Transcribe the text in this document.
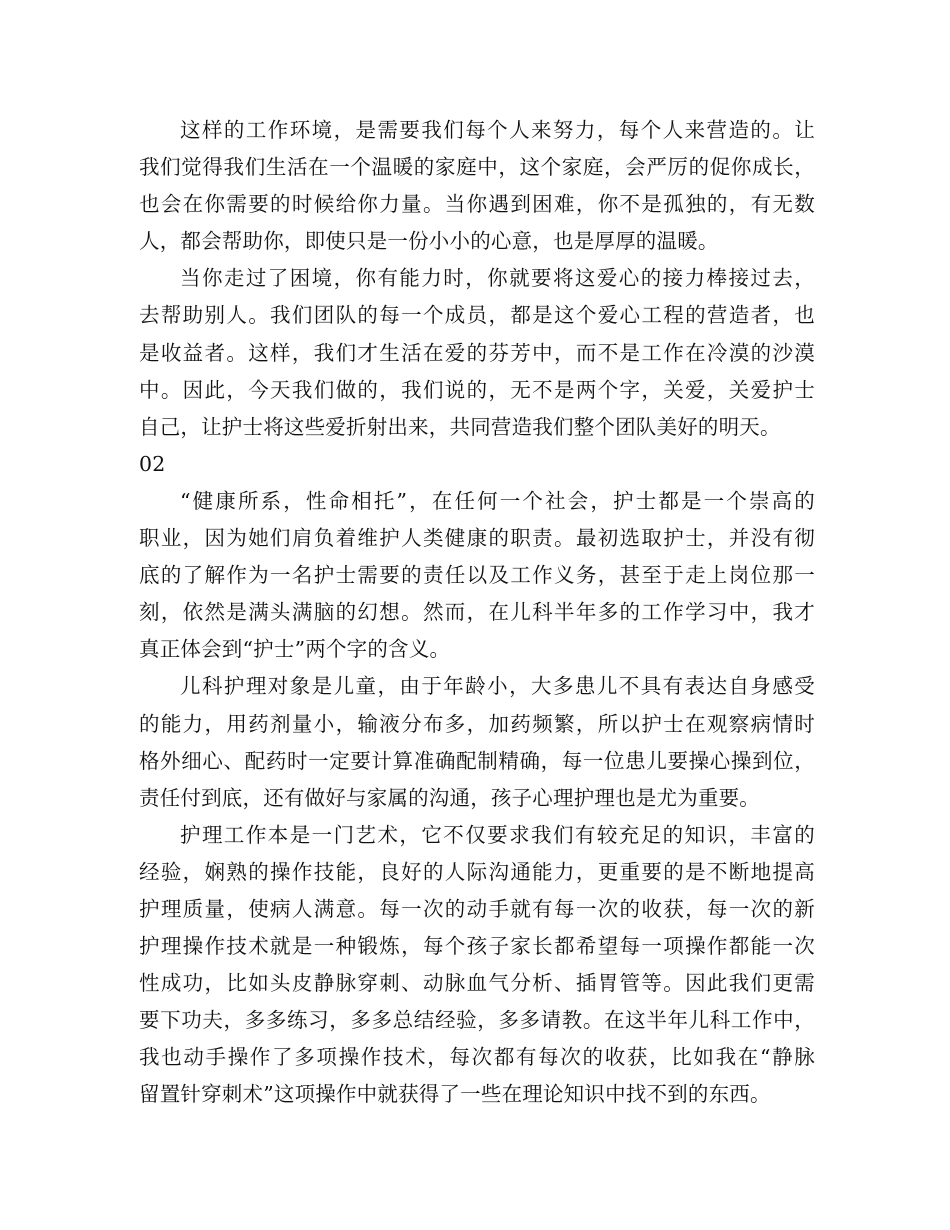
这样的工作环境，是需要我们每个人来努力，每个人来营造的。让
我们觉得我们生活在一个温暖的家庭中，这个家庭，会严厉的促你成长，
也会在你需要的时候给你力量。当你遇到困难，你不是孤独的，有无数
人，都会帮助你，即使只是一份小小的心意，也是厚厚的温暖。
当你走过了困境，你有能力时，你就要将这爱心的接力棒接过去，
去帮助别人。我们团队的每一个成员，都是这个爱心工程的营造者，也
是收益者。这样，我们才生活在爱的芬芳中，而不是工作在冷漠的沙漠
中。因此，今天我们做的，我们说的，无不是两个字，关爱，关爱护士
自己，让护士将这些爱折射出来，共同营造我们整个团队美好的明天。
02
“健康所系，性命相托”，在任何一个社会，护士都是一个崇高的
职业，因为她们肩负着维护人类健康的职责。最初选取护士，并没有彻
底的了解作为一名护士需要的责任以及工作义务，甚至于走上岗位那一
刻，依然是满头满脑的幻想。然而，在儿科半年多的工作学习中，我才
真正体会到“护士”两个字的含义。
儿科护理对象是儿童，由于年龄小，大多患儿不具有表达自身感受
的能力，用药剂量小，输液分布多，加药频繁，所以护士在观察病情时
格外细心、配药时一定要计算准确配制精确，每一位患儿要操心操到位，
责任付到底，还有做好与家属的沟通，孩子心理护理也是尤为重要。
护理工作本是一门艺术，它不仅要求我们有较充足的知识，丰富的
经验，娴熟的操作技能，良好的人际沟通能力，更重要的是不断地提高
护理质量，使病人满意。每一次的动手就有每一次的收获，每一次的新
护理操作技术就是一种锻炼，每个孩子家长都希望每一项操作都能一次
性成功，比如头皮静脉穿刺、动脉血气分析、插胃管等。因此我们更需
要下功夫，多多练习，多多总结经验，多多请教。在这半年儿科工作中，
我也动手操作了多项操作技术，每次都有每次的收获，比如我在“静脉
留置针穿刺术”这项操作中就获得了一些在理论知识中找不到的东西。
